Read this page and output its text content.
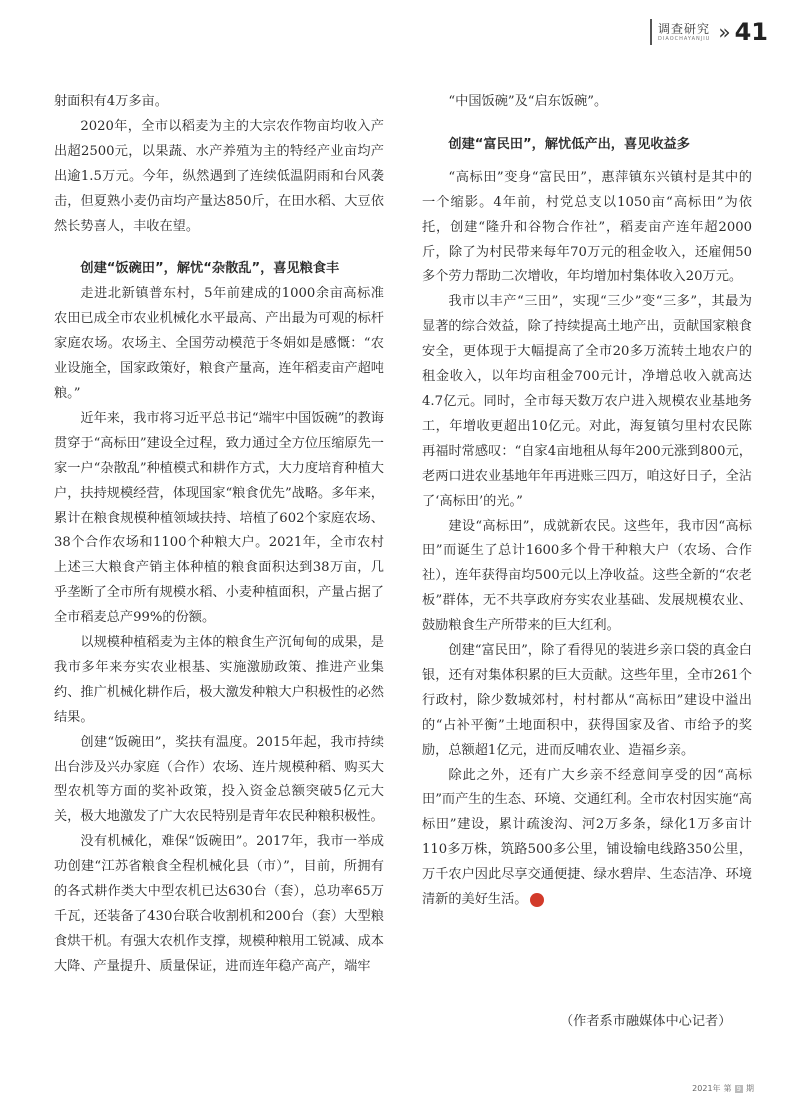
调查研究
DIAOCHAYANJIU » 41

射面积有4万多亩。

2020年，全市以稻麦为主的大宗农作物亩均收入产出超2500元，以果蔬、水产养殖为主的特经产业亩均产出逾1.5万元。今年，纵然遇到了连续低温阴雨和台风袭击，但夏熟小麦仍亩均产量达850斤，在田水稻、大豆依然长势喜人，丰收在望。

创建“饭碗田”，解忧“杂散乱”，喜见粮食丰

走进北新镇普东村，5年前建成的1000余亩高标准农田已成全市农业机械化水平最高、产出最为可观的标杆家庭农场。农场主、全国劳动模范于冬娟如是感慨：“农业设施全，国家政策好，粮食产量高，连年稻麦亩产超吨粮。”

近年来，我市将习近平总书记“端牢中国饭碗”的教诲贯穿于“高标田”建设全过程，致力通过全方位压缩原先一家一户“杂散乱”种植模式和耕作方式，大力度培育种植大户，扶持规模经营，体现国家“粮食优先”战略。多年来，累计在粮食规模种植领域扶持、培植了602个家庭农场、38个合作农场和1100个种粮大户。2021年，全市农村上述三大粮食产销主体种植的粮食面积达到38万亩，几乎垄断了全市所有规模水稻、小麦种植面积，产量占据了全市稻麦总产99%的份额。

以规模种植稻麦为主体的粮食生产沉甸甸的成果，是我市多年来夯实农业根基、实施激励政策、推进产业集约、推广机械化耕作后，极大激发种粮大户积极性的必然结果。

创建“饭碗田”，奖扶有温度。2015年起，我市持续出台涉及兴办家庭（合作）农场、连片规模种稻、购买大型农机等方面的奖补政策，投入资金总额突破5亿元大关，极大地激发了广大农民特别是青年农民种粮积极性。

没有机械化，难保“饭碗田”。2017年，我市一举成功创建“江苏省粮食全程机械化县（市）”，目前，所拥有的各式耕作类大中型农机已达630台（套），总功率65万千瓦，还装备了430台联合收割机和200台（套）大型粮食烘干机。有强大农机作支撑，规模种粮用工锐减、成本大降、产量提升、质量保证，进而连年稳产高产，端牢

“中国饭碗”及“启东饭碗”。

创建“富民田”，解忧低产出，喜见收益多

“高标田”变身“富民田”，惠萍镇东兴镇村是其中的一个缩影。4年前，村党总支以1050亩“高标田”为依托，创建“隆升和谷物合作社”，稻麦亩产连年超2000斤，除了为村民带来每年70万元的租金收入，还雇佣50多个劳力帮助二次增收，年均增加村集体收入20万元。

我市以丰产“三田”，实现“三少”变“三多”，其最为显著的综合效益，除了持续提高土地产出，贡献国家粮食安全，更体现于大幅提高了全市20多万流转土地农户的租金收入，以年均亩租金700元计，净增总收入就高达4.7亿元。同时，全市每天数万农户进入规模农业基地务工，年增收更超出10亿元。对此，海复镇匀里村农民陈再福时常感叹：“自家4亩地租从每年200元涨到800元，老两口进农业基地年年再进账三四万，咱这好日子，全沾了‘高标田’的光。”

建设“高标田”，成就新农民。这些年，我市因“高标田”而诞生了总计1600多个骨干种粮大户（农场、合作社），连年获得亩均500元以上净收益。这些全新的“农老板”群体，无不共享政府夯实农业基础、发展规模农业、鼓励粮食生产所带来的巨大红利。

创建“富民田”，除了看得见的装进乡亲口袋的真金白银，还有对集体积累的巨大贡献。这些年里，全市261个行政村，除少数城郊村，村村都从“高标田”建设中溢出的“占补平衡”土地面积中，获得国家及省、市给予的奖励，总额超1亿元，进而反哺农业、造福乡亲。

除此之外，还有广大乡亲不经意间享受的因“高标田”而产生的生态、环境、交通红利。全市农村因实施“高标田”建设，累计疏浚沟、河2万多条，绿化1万多亩计110多万株，筑路500多公里，铺设输电线路350公里，万千农户因此尽享交通便捷、绿水碧岸、生态洁净、环境清新的美好生活。	启

（作者系市融媒体中心记者）
2021年 第 9 期
